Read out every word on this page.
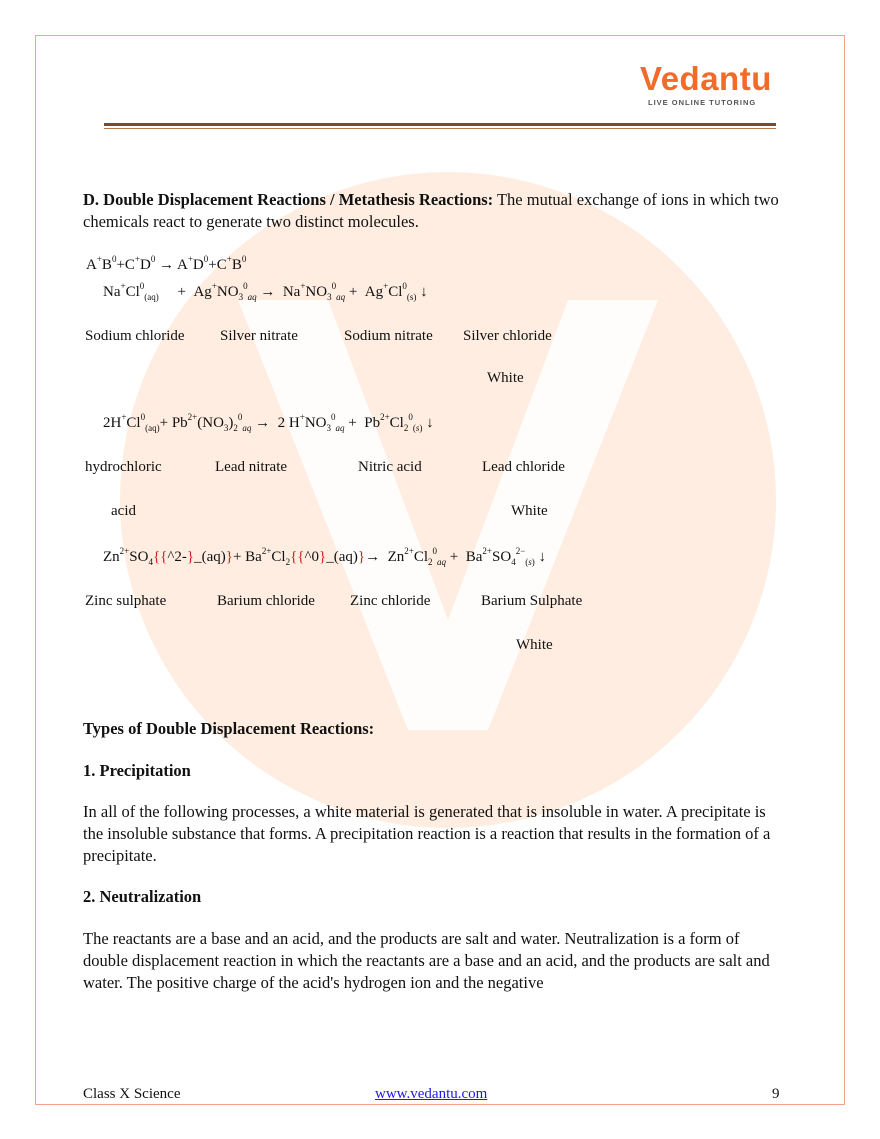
Vedantu
LIVE ONLINE TUTORING
D. Double Displacement Reactions / Metathesis Reactions: The mutual exchange of ions in which two chemicals react to generate two distinct molecules.
$A^+B^0+C^+D^0 \to A^+D^0+C^+B^0$
$Na^+Cl^0_{(aq)}$     +  $Ag^+NO_3^0_{aq} \to Na^+NO_3^0_{aq} + Ag^+Cl^0_{(s)}$ ↓
Sodium chloride Silver nitrate	Sodium nitrate Silver chloride
White
$2H^+Cl^0_{(aq)}+ Pb^{2+}(NO_3)_2^0_{aq} \to 2$ $H^+NO_3^0_{aq} + Pb^{2+}Cl_2^0_{(s)}$ ↓
hydrochloric	Lead nitrate	Nitric acid	Lead chloride
acid	White
$Zn^{2+}SO_4\{\{\^{}2-\}\_(aq)\}+$ $Ba^{2+}Cl_2\{\{\^{}0\}\_(aq)\}\to Zn^{2+}Cl_2^0_{aq} + Ba^{2+}SO_4^{2-}_{(s)}$ ↓
Zinc sulphate	Barium chloride Zinc chloride	Barium Sulphate
White
Types of Double Displacement Reactions:
1. Precipitation
In all of the following processes, a white material is generated that is insoluble in water. A precipitate is the insoluble substance that forms. A precipitation reaction is a reaction that results in the formation of a precipitate.
2. Neutralization
The reactants are a base and an acid, and the products are salt and water. Neutralization is a form of double displacement reaction in which the reactants are a base and an acid, and the products are salt and water. The positive charge of the acid's hydrogen ion and the negative
Class X Science	www.vedantu.com	9
